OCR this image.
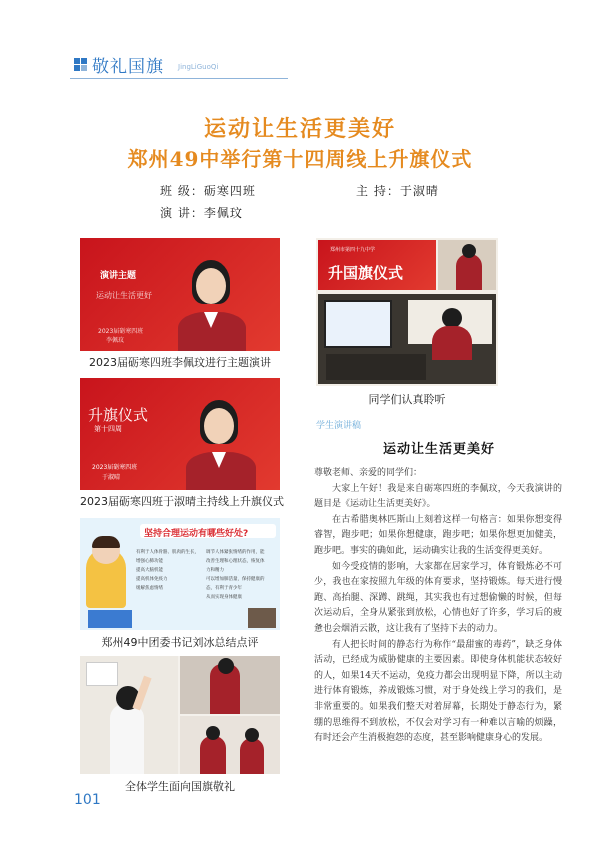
敬礼国旗 JingLiGuoQi
运动让生活更美好
郑州49中举行第十四周线上升旗仪式
班 级：砺寒四班	主 持：于淑晴
演 讲：李佩玟
演讲主题
运动让生活更好
2023届砺寒四班
李佩玟
2023届砺寒四班李佩玟进行主题演讲
升旗仪式
第十四周
2023届砺寒四班
于淑晴
2023届砺寒四班于淑晴主持线上升旗仪式
坚持合理运动有哪些好处?
有利于人体骨骼、肌肉的生长，
增强心肺功能
提高大脑机能
提高机体免疫力
缓解焦虑情绪
调节人体紧张情绪的作用，能
改善生理和心理状态，恢复体
力和精力
可以增加肺活量，保持健康的
态，有利于青少年
从而实现身体健康
郑州49中团委书记刘冰总结点评
全体学生面向国旗敬礼
郑州市第四十九中学
升国旗仪式
同学们认真聆听
学生演讲稿
运动让生活更美好

尊敬老师、亲爱的同学们：

大家上午好！我是来自砺寒四班的李佩玟，今天我演讲的题目是《运动让生活更美好》。

在古希腊奥林匹斯山上刻着这样一句格言：如果你想变得睿智，跑步吧；如果你想健康，跑步吧；如果你想更加健美，跑步吧。事实的确如此，运动确实让我的生活变得更美好。

如今受疫情的影响，大家都在居家学习，体育锻炼必不可少，我也在家按照九年级的体育要求，坚持锻炼。每天进行慢跑、高抬腿、深蹲、跳绳，其实我也有过想偷懒的时候，但每次运动后，全身从紧张到放松，心情也好了许多，学习后的疲惫也会烟消云散，这让我有了坚持下去的动力。

有人把长时间的静态行为称作“最甜蜜的毒药”，缺乏身体活动，已经成为威胁健康的主要因素。即使身体机能状态较好的人，如果14天不运动，免疫力都会出现明显下降，所以主动进行体育锻炼，养成锻炼习惯，对于身处线上学习的我们，是非常重要的。如果我们整天对着屏幕，长期处于静态行为，紧绷的思维得不到放松，不仅会对学习有一种难以言喻的烦躁，有时还会产生消极抱怨的态度，甚至影响健康身心的发展。

101
